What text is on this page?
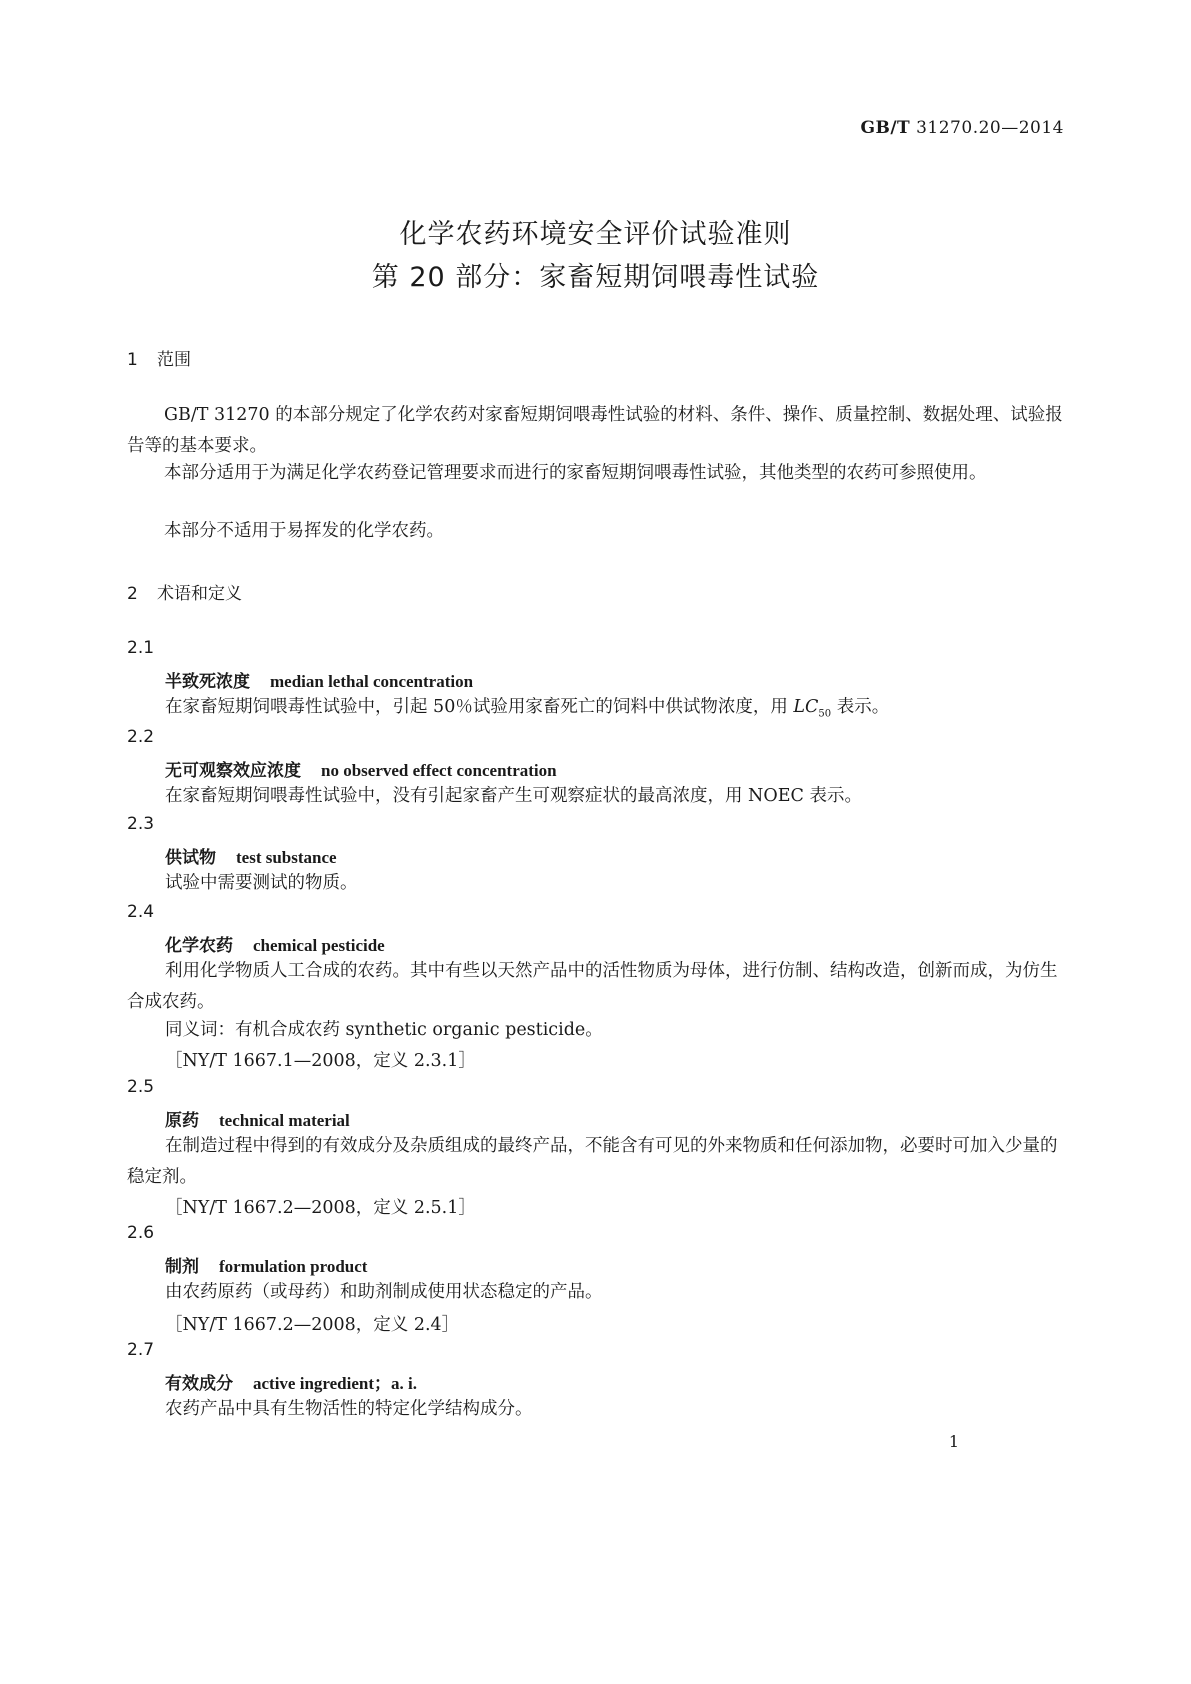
GB/T 31270.20—2014
化学农药环境安全评价试验准则
第 20 部分：家畜短期饲喂毒性试验
1 范围
GB/T 31270 的本部分规定了化学农药对家畜短期饲喂毒性试验的材料、条件、操作、质量控制、数据处理、试验报告等的基本要求。
本部分适用于为满足化学农药登记管理要求而进行的家畜短期饲喂毒性试验，其他类型的农药可参照使用。
本部分不适用于易挥发的化学农药。
2 术语和定义
2.1
半致死浓度 median lethal concentration
在家畜短期饲喂毒性试验中，引起 50％试验用家畜死亡的饲料中供试物浓度，用 $LC_{50}$ 表示。
2.2
无可观察效应浓度 no observed effect concentration
在家畜短期饲喂毒性试验中，没有引起家畜产生可观察症状的最高浓度，用 NOEC 表示。
2.3
供试物 test substance
试验中需要测试的物质。
2.4
化学农药 chemical pesticide
利用化学物质人工合成的农药。其中有些以天然产品中的活性物质为母体，进行仿制、结构改造，创新而成，为仿生合成农药。
同义词：有机合成农药 synthetic organic pesticide。
［NY/T 1667.1—2008，定义 2.3.1］
2.5
原药 technical material
在制造过程中得到的有效成分及杂质组成的最终产品，不能含有可见的外来物质和任何添加物，必要时可加入少量的稳定剂。
［NY/T 1667.2—2008，定义 2.5.1］
2.6
制剂 formulation product
由农药原药（或母药）和助剂制成使用状态稳定的产品。
［NY/T 1667.2—2008，定义 2.4］
2.7
有效成分 active ingredient；a. i.
农药产品中具有生物活性的特定化学结构成分。
1
